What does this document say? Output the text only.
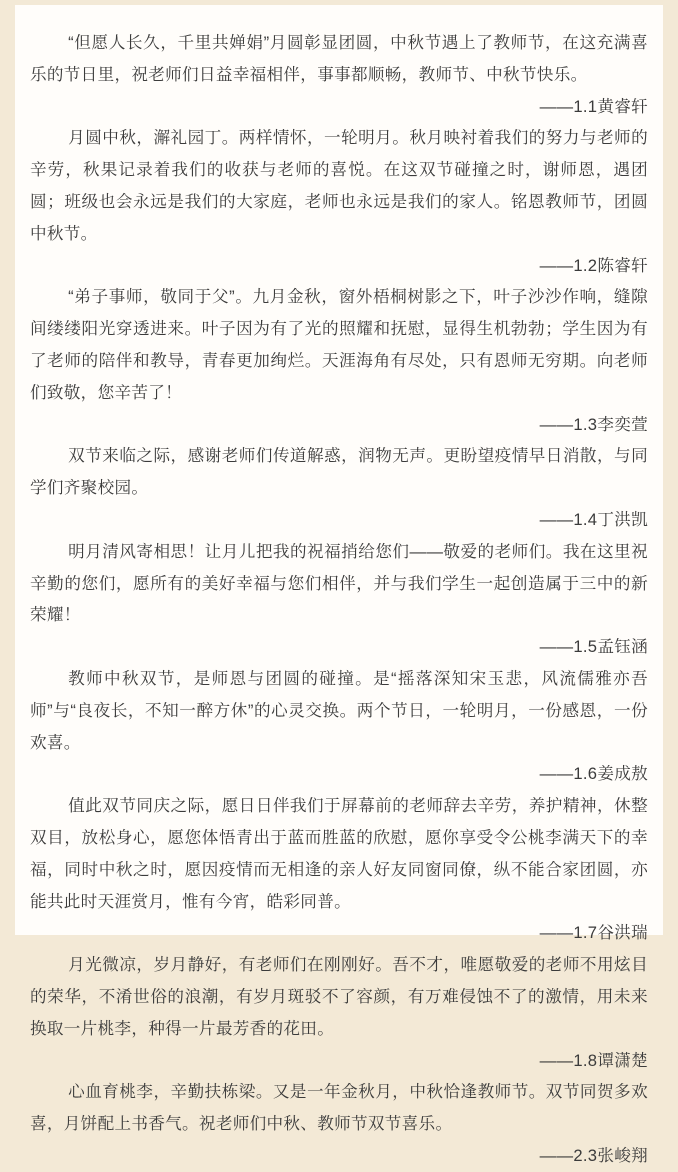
“但愿人长久，千里共婵娟”月圆彰显团圆，中秋节遇上了教师节，在这充满喜乐的节日里，祝老师们日益幸福相伴，事事都顺畅，教师节、中秋节快乐。

——1.1黄睿轩

月圆中秋，澥礼园丁。两样情怀，一轮明月。秋月映衬着我们的努力与老师的辛劳，秋果记录着我们的收获与老师的喜悦。在这双节碰撞之时，谢师恩，遇团圆；班级也会永远是我们的大家庭，老师也永远是我们的家人。铭恩教师节，团圆中秋节。

——1.2陈睿轩

“弟子事师，敬同于父”。九月金秋，窗外梧桐树影之下，叶子沙沙作响，缝隙间缕缕阳光穿透进来。叶子因为有了光的照耀和抚慰，显得生机勃勃；学生因为有了老师的陪伴和教导，青春更加绚烂。天涯海角有尽处，只有恩师无穷期。向老师们致敬，您辛苦了！

——1.3李奕萱

双节来临之际，感谢老师们传道解惑，润物无声。更盼望疫情早日消散，与同学们齐聚校园。

——1.4丁洪凯

明月清风寄相思！让月儿把我的祝福捎给您们——敬爱的老师们。我在这里祝辛勤的您们，愿所有的美好幸福与您们相伴，并与我们学生一起创造属于三中的新荣耀！

——1.5孟钰涵

教师中秋双节，是师恩与团圆的碰撞。是“摇落深知宋玉悲，风流儒雅亦吾师”与“良夜长，不知一醉方休”的心灵交换。两个节日，一轮明月，一份感恩，一份欢喜。

——1.6姜成敖

值此双节同庆之际，愿日日伴我们于屏幕前的老师辞去辛劳，养护精神，休整双目，放松身心，愿您体悟青出于蓝而胜蓝的欣慰，愿你享受令公桃李满天下的幸福，同时中秋之时，愿因疫情而无相逢的亲人好友同窗同僚，纵不能合家团圆，亦能共此时天涯赏月，惟有今宵，皓彩同普。

——1.7谷洪瑞

月光微凉，岁月静好，有老师们在刚刚好。吾不才，唯愿敬爱的老师不用炫目的荣华，不淆世俗的浪潮，有岁月斑驳不了容颜，有万难侵蚀不了的激情，用未来换取一片桃李，种得一片最芳香的花田。

——1.8谭潇楚

心血育桃李，辛勤扶栋梁。又是一年金秋月，中秋恰逢教师节。双节同贺多欢喜，月饼配上书香气。祝老师们中秋、教师节双节喜乐。

——2.3张峻翔
